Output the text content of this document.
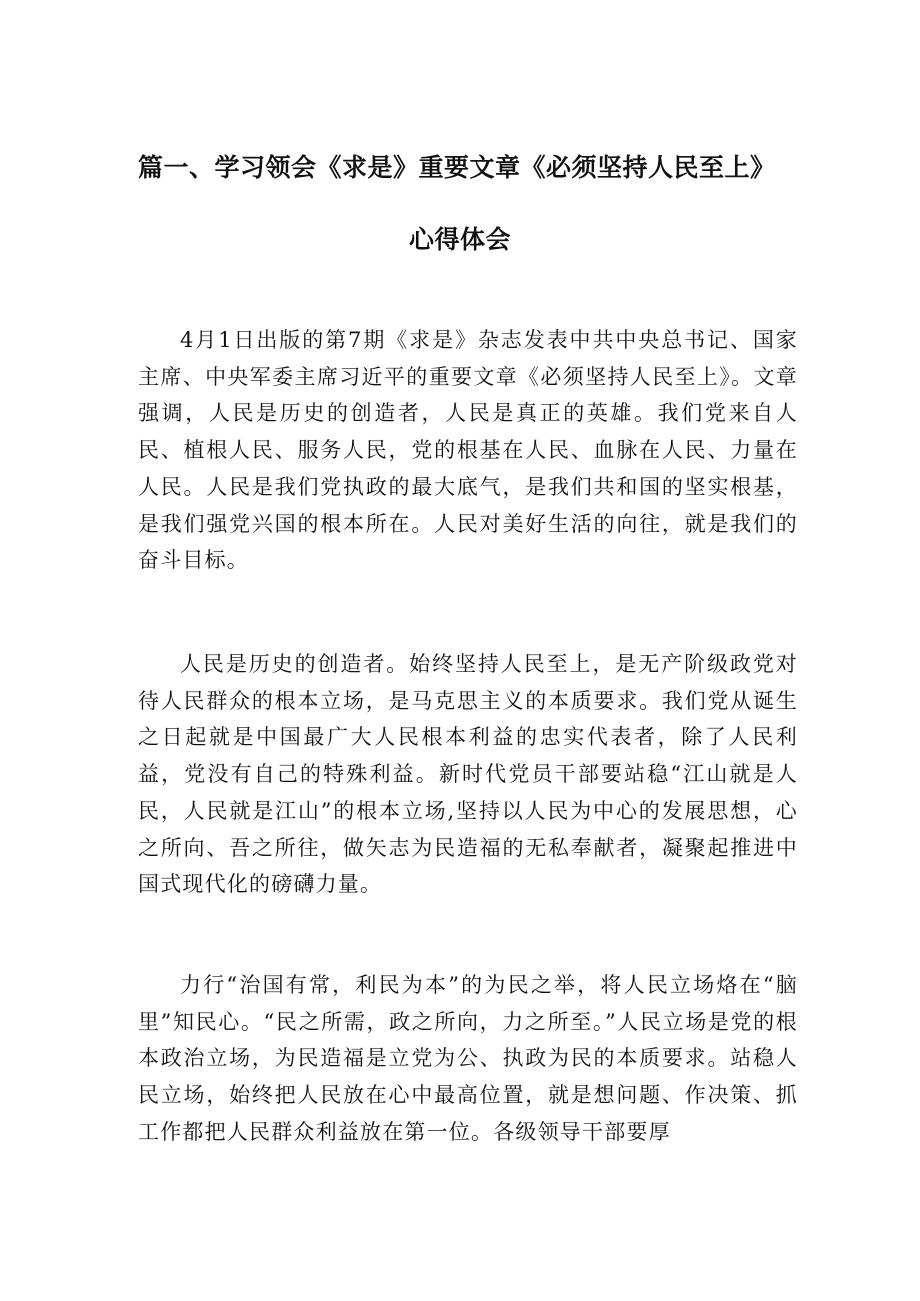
篇一、学习领会《求是》重要文章《必须坚持人民至上》
心得体会

4月1日出版的第7期《求是》杂志发表中共中央总书记、国家主席、中央军委主席习近平的重要文章《必须坚持人民至上》。文章强调，人民是历史的创造者，人民是真正的英雄。我们党来自人民、植根人民、服务人民，党的根基在人民、血脉在人民、力量在人民。人民是我们党执政的最大底气，是我们共和国的坚实根基，是我们强党兴国的根本所在。人民对美好生活的向往，就是我们的奋斗目标。

人民是历史的创造者。始终坚持人民至上，是无产阶级政党对待人民群众的根本立场，是马克思主义的本质要求。我们党从诞生之日起就是中国最广大人民根本利益的忠实代表者，除了人民利益，党没有自己的特殊利益。新时代党员干部要站稳“江山就是人民，人民就是江山”的根本立场,坚持以人民为中心的发展思想，心之所向、吾之所往，做矢志为民造福的无私奉献者，凝聚起推进中国式现代化的磅礴力量。

力行“治国有常，利民为本”的为民之举，将人民立场烙在“脑里”知民心。“民之所需，政之所向，力之所至。”人民立场是党的根本政治立场，为民造福是立党为公、执政为民的本质要求。站稳人民立场，始终把人民放在心中最高位置，就是想问题、作决策、抓工作都把人民群众利益放在第一位。各级领导干部要厚
